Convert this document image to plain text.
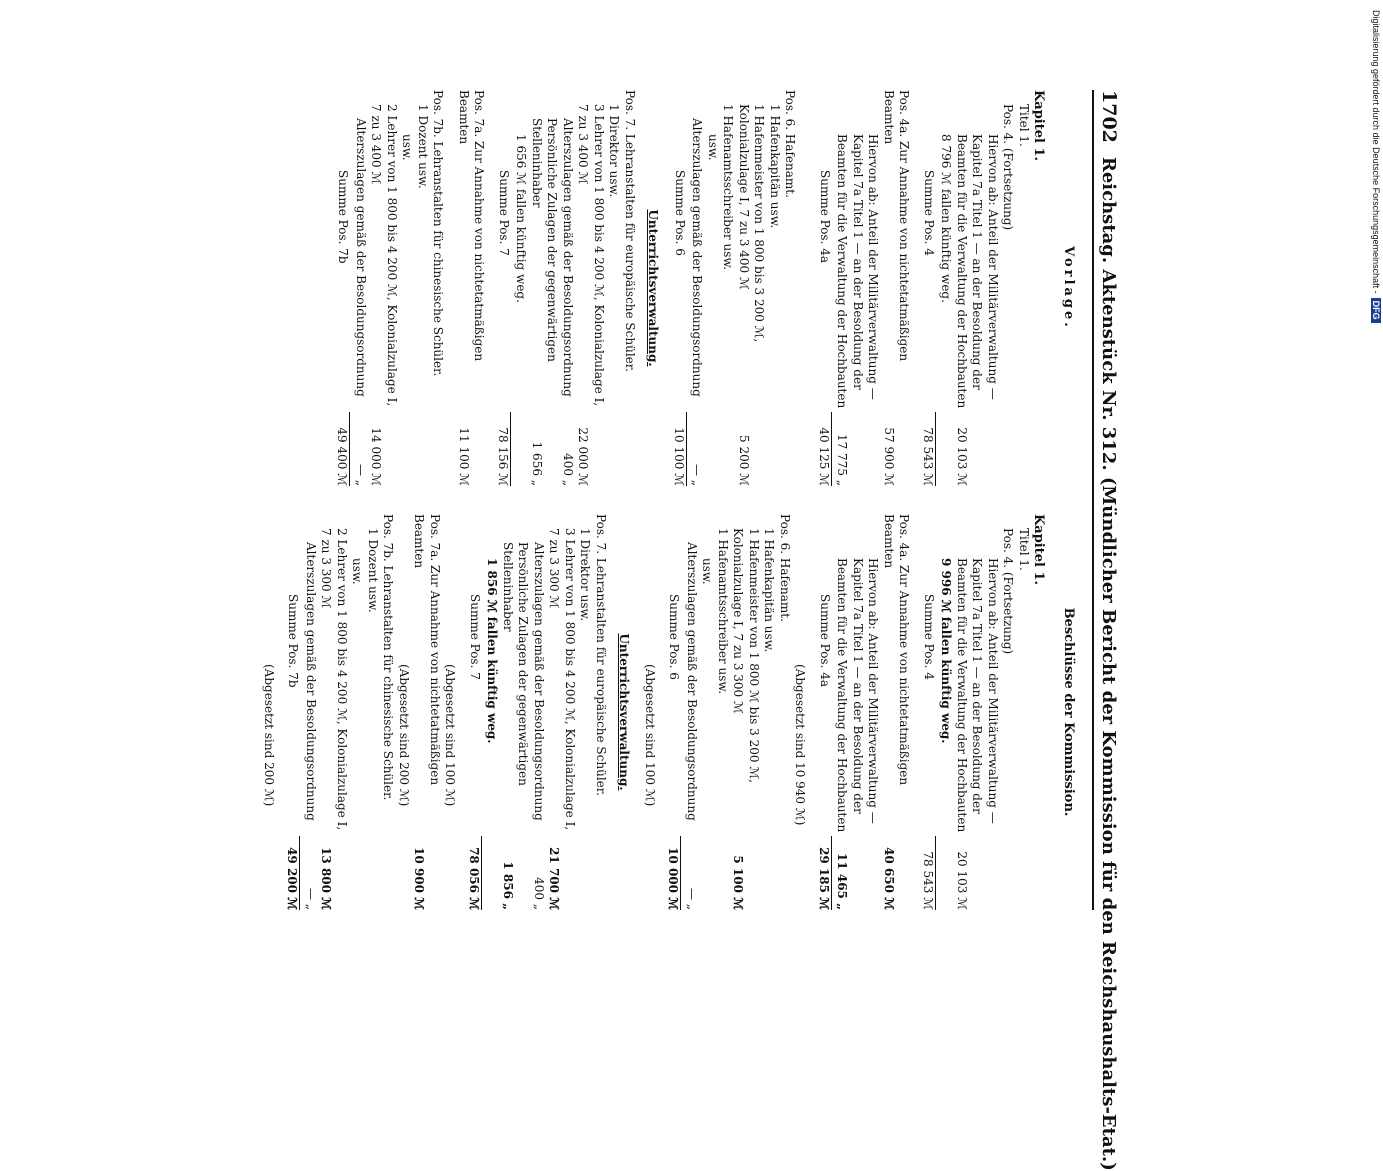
1702
Reichstag. Aktenstück Nr. 312. (Mündlicher Bericht der Kommission für den Reichshaushalts-Etat.)
Vorlage.
Kapitel 1.
Titel 1.
Pos. 4. (Fortsetzung)
Hiervon ab: Anteil der Militärverwaltung — Kapitel 7a Titel 1 — an der Besoldung der Beamten für die Verwaltung der Hochbauten
20 103 ℳ
8 796 ℳ fallen künftig weg.
Summe Pos. 4
78 543 ℳ
Pos. 4a. Zur Annahme von nichtetatmäßigen Beamten
57 900 ℳ
Hiervon ab: Anteil der Militärverwaltung — Kapitel 7a Titel 1 — an der Besoldung der Beamten für die Verwaltung der Hochbauten
17 775 „
Summe Pos. 4a
40 125 ℳ
Pos. 6. Hafenamt.
1 Hafenkapitän usw.
1 Hafenmeister von 1 800 bis 3 200 ℳ, Kolonialzulage I, 7 zu 3 400 ℳ
5 200 ℳ
1 Hafenamtsschreiber usw.
usw.
Alterszulagen gemäß der Besoldungsordnung
— „
Summe Pos. 6
10 100 ℳ
Unterrichtsverwaltung.
Pos. 7. Lehranstalten für europäische Schüler.
1 Direktor usw.
3 Lehrer von 1 800 bis 4 200 ℳ, Kolonialzulage I, 7 zu 3 400 ℳ
22 000 ℳ
Alterszulagen gemäß der Besoldungsordnung
400 „
Persönliche Zulagen der gegenwärtigen Stelleninhaber
1 656 „
1 656 ℳ fallen künftig weg.
Summe Pos. 7
78 156 ℳ
Pos. 7a. Zur Annahme von nichtetatmäßigen Beamten
11 100 ℳ
Pos. 7b. Lehranstalten für chinesische Schüler.
1 Dozent usw.
usw.
2 Lehrer von 1 800 bis 4 200 ℳ, Kolonialzulage I, 7 zu 3 400 ℳ
14 000 ℳ
Alterszulagen gemäß der Besoldungsordnung
— „
Summe Pos. 7b
49 400 ℳ
Beschlüsse der Kommission.
Kapitel 1.
Titel 1.
Pos. 4. (Fortsetzung)
Hiervon ab: Anteil der Militärverwaltung — Kapitel 7a Titel 1 — an der Besoldung der Beamten für die Verwaltung der Hochbauten
20 103 ℳ
9 996 ℳ fallen künftig weg.
Summe Pos. 4
78 543 ℳ
Pos. 4a. Zur Annahme von nichtetatmäßigen Beamten
40 650 ℳ
Hiervon ab: Anteil der Militärverwaltung — Kapitel 7a Titel 1 — an der Besoldung der Beamten für die Verwaltung der Hochbauten
11 465 „
Summe Pos. 4a
29 185 ℳ
(Abgesetzt sind 10 940 ℳ)
Pos. 6. Hafenamt.
1 Hafenkapitän usw.
1 Hafenmeister von 1 800 ℳ bis 3 200 ℳ, Kolonialzulage I, 7 zu 3 300 ℳ
5 100 ℳ
1 Hafenamtsschreiber usw.
usw.
Alterszulagen gemäß der Besoldungsordnung
— „
Summe Pos. 6
10 000 ℳ
(Abgesetzt sind 100 ℳ)
Unterrichtsverwaltung.
Pos. 7. Lehranstalten für europäische Schüler.
1 Direktor usw.
3 Lehrer von 1 800 bis 4 200 ℳ, Kolonialzulage I, 7 zu 3 300 ℳ
21 700 ℳ
Alterszulagen gemäß der Besoldungsordnung
400 „
Persönliche Zulagen der gegenwärtigen Stelleninhaber
1 856 „
1 856 ℳ fallen künftig weg.
Summe Pos. 7
78 056 ℳ
(Abgesetzt sind 100 ℳ)
Pos. 7a. Zur Annahme von nichtetatmäßigen Beamten
10 900 ℳ
(Abgesetzt sind 200 ℳ)
Pos. 7b. Lehranstalten für chinesische Schüler.
1 Dozent usw.
usw.
2 Lehrer von 1 800 bis 4 200 ℳ, Kolonialzulage I, 7 zu 3 300 ℳ
13 800 ℳ
Alterszulagen gemäß der Besoldungsordnung
— „
Summe Pos. 7b
49 200 ℳ
(Abgesetzt sind 200 ℳ)
Digitalisierung gefördert durch die Deutsche Forschungsgemeinschaft -
DFG
